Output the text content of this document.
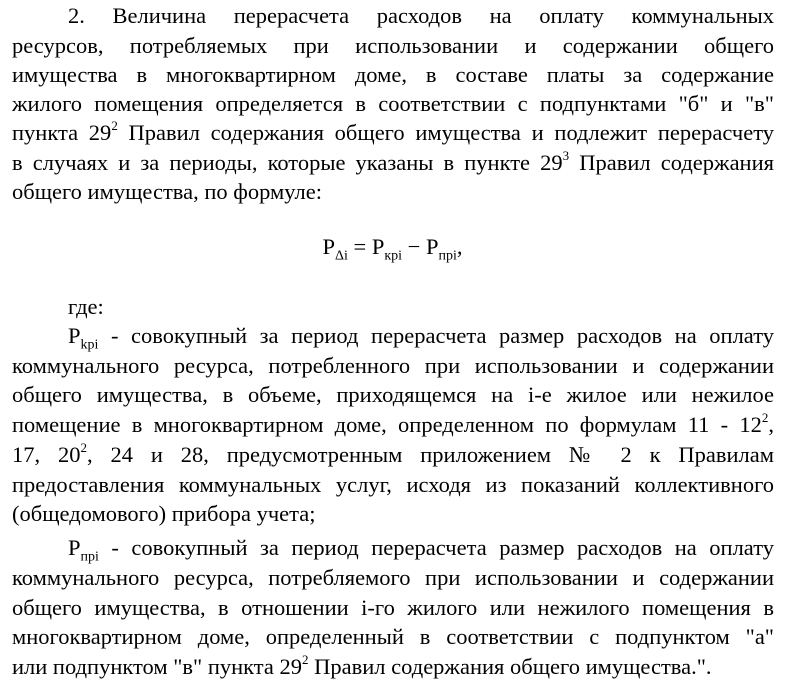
2. Величина перерасчета расходов на оплату коммунальных
ресурсов, потребляемых при использовании и содержании общего
имущества в многоквартирном доме, в составе платы за содержание
жилого помещения определяется в соответствии с подпунктами "б" и "в"
пункта $29^2$ Правил содержания общего имущества и подлежит перерасчету
в случаях и за периоды, которые указаны в пункте $29^3$ Правил содержания
общего имущества, по формуле:
$P_{\Delta i} = P_{кpi} - P_{пpi}$,
где:
$P_{kpi}$ - совокупный за период перерасчета размер расходов на оплату
коммунального ресурса, потребленного при использовании и содержании
общего имущества, в объеме, приходящемся на i-е жилое или нежилое
помещение в многоквартирном доме, определенном по формулам $11 - 12^2$,
17, $20^2$, 24 и 28, предусмотренным приложением № 2 к Правилам
предоставления коммунальных услуг, исходя из показаний коллективного
(общедомового) прибора учета;
$P_{пpi}$ - совокупный за период перерасчета размер расходов на оплату
коммунального ресурса, потребляемого при использовании и содержании
общего имущества, в отношении i-го жилого или нежилого помещения в
многоквартирном доме, определенный в соответствии с подпунктом "а"
или подпунктом "в" пункта $29^2$ Правил содержания общего имущества.".
